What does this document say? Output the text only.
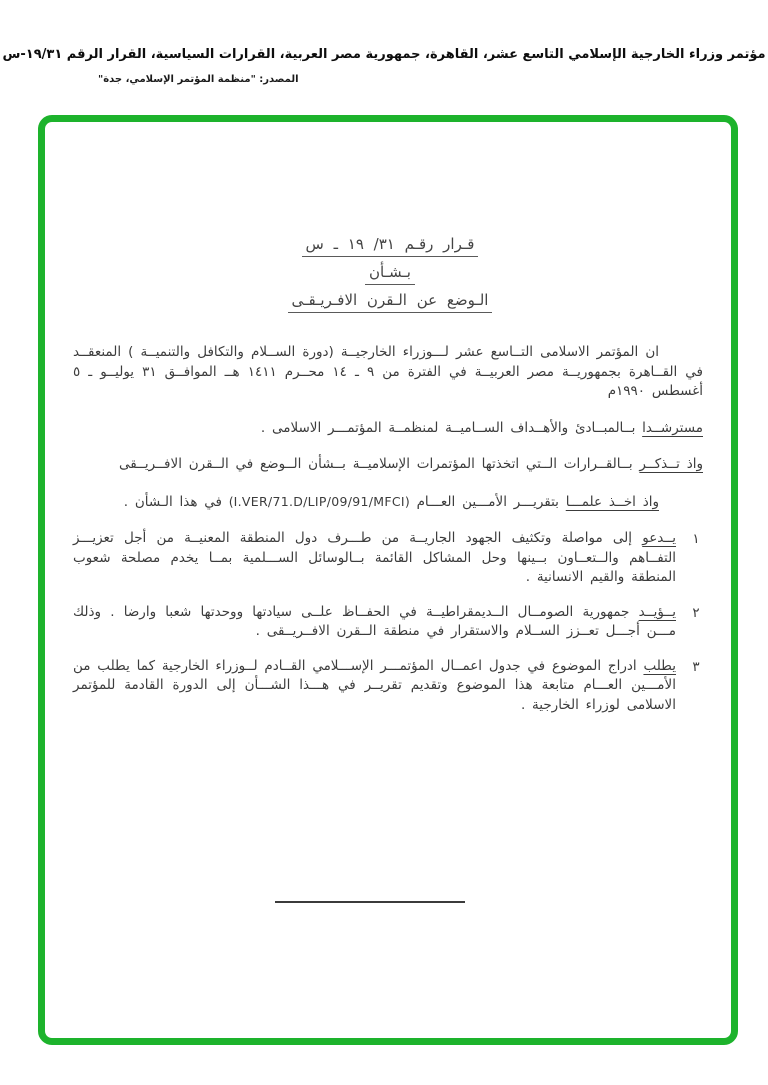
مؤتمر وزراء الخارجية الإسلامي التاسع عشر، القاهرة، جمهورية مصر العربية، القرارات السياسية، القرار الرقم ١٩/٣١-س
المصدر: "منظمة المؤتمر الإسلامي، جدة"
قـرار رقـم ٣١/ ١٩ ـ س
بـشـأن
الـوضع عن الـقرن الافـريـقـى

ان المؤتمر الاسلامى التــاسع عشر لـــوزراء الخارجيــة (دورة الســلام والتكافل والتنميــة ) المنعقــد في القــاهرة بجمهوريــة مصر العربيــة في الفترة من ٩ ـ ١٤ محــرم ١٤١١ هــ الموافــق ٣١ يوليــو ـ ٥ أغسطس ١٩٩٠م

مسترشــدا بــالمبــادئ والأهــداف الســاميــة لمنظمــة المؤتمـــر الاسلامى .

واذ تــذكــر بــالقــرارات الــتي اتخذتها المؤتمرات الإسلاميــة بــشأن الــوضع في الــقرن الافــريــقى

واذ اخــذ علمـــا بتقريـــر الأمـــين العـــام (I.VER/71.D/LIP/09/91/MFCI) في هذا الـشأن .

١
يــدعو إلى مواصلة وتكثيف الجهود الجاريــة من طـــرف دول المنطقة المعنيــة من أجل تعزيـــز التفــاهم والــتعــاون بــينها وحل المشاكل القائمة بــالوسائل الســـلمية بمــا يخدم مصلحة شعوب المنطقة والقيم الانسانية .
٢
يــؤيــد جمهورية الصومــال الــديمقراطيــة في الحفــاظ علــى سيادتها ووحدتها شعبا وارضا . وذلك مـــن أجـــل تعــزز الســلام والاستقرار في منطقة الــقرن الافــريــقى .
٣
يطلب ادراج الموضوع في جدول اعمــال المؤتمـــر الإســـلامي القــادم لــوزراء الخارجية كما يطلب من الأمـــين العـــام متابعة هذا الموضوع وتقديم تقريــر في هـــذا الشـــأن إلى الدورة القادمة للمؤتمر الاسلامى لوزراء الخارجية .
